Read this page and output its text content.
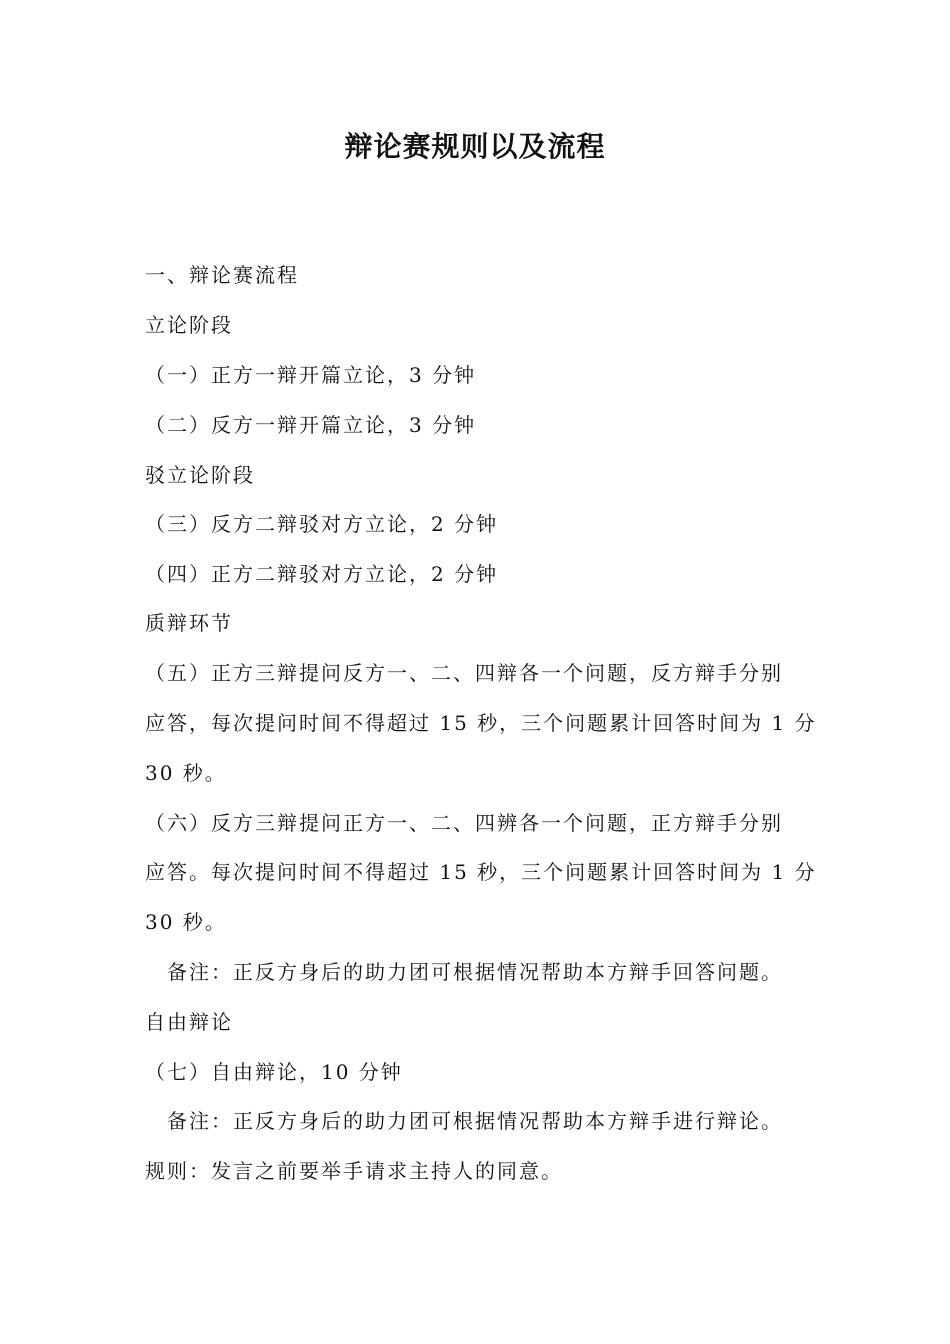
辩论赛规则以及流程
一、辩论赛流程
立论阶段
（一）正方一辩开篇立论，3 分钟
（二）反方一辩开篇立论，3 分钟
驳立论阶段
（三）反方二辩驳对方立论，2 分钟
（四）正方二辩驳对方立论，2 分钟
质辩环节
（五）正方三辩提问反方一、二、四辩各一个问题，反方辩手分别
应答，每次提问时间不得超过 15 秒，三个问题累计回答时间为 1 分
30 秒。
（六）反方三辩提问正方一、二、四辨各一个问题，正方辩手分别
应答。每次提问时间不得超过 15 秒，三个问题累计回答时间为 1 分
30 秒。
备注：正反方身后的助力团可根据情况帮助本方辩手回答问题。
自由辩论
（七）自由辩论，10 分钟
备注：正反方身后的助力团可根据情况帮助本方辩手进行辩论。
规则：发言之前要举手请求主持人的同意。
